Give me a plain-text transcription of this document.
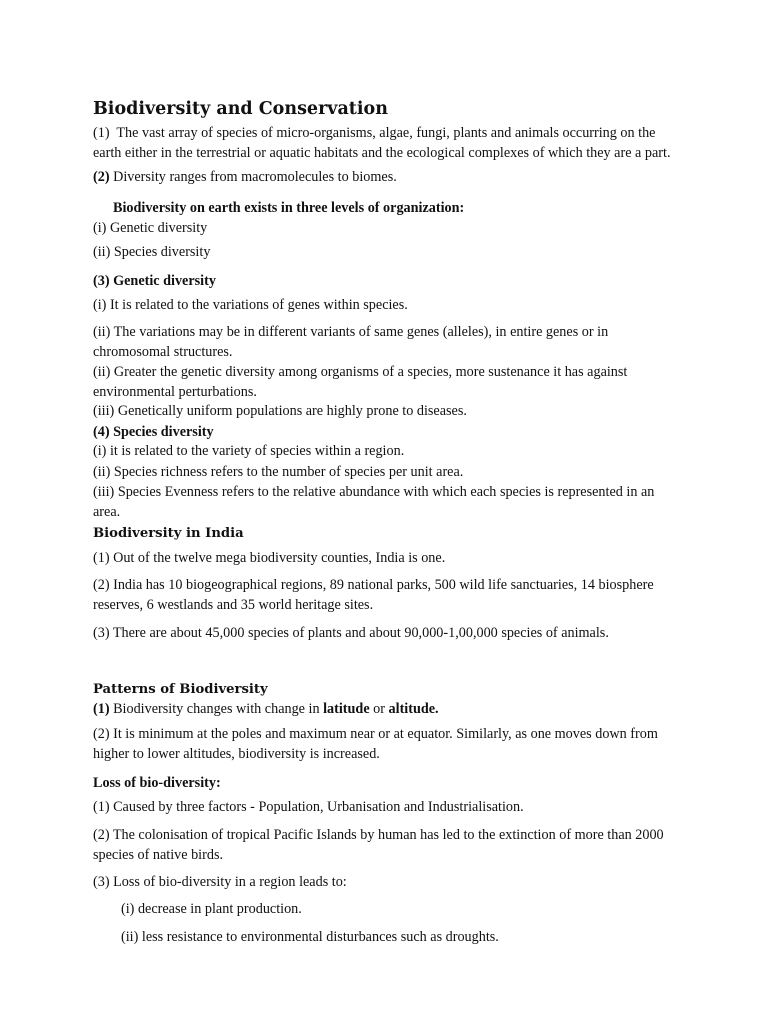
Biodiversity and Conservation
(1) The vast array of species of micro-organisms, algae, fungi, plants and animals occurring on the
earth either in the terrestrial or aquatic habitats and the ecological complexes of which they are a part.
(2) Diversity ranges from macromolecules to biomes.
Biodiversity on earth exists in three levels of organization:
(i) Genetic diversity
(ii) Species diversity
(3) Genetic diversity
(i) It is related to the variations of genes within species.
(ii) The variations may be in different variants of same genes (alleles), in entire genes or in
chromosomal structures.
(ii) Greater the genetic diversity among organisms of a species, more sustenance it has against
environmental perturbations.
(iii) Genetically uniform populations are highly prone to diseases.
(4) Species diversity
(i) it is related to the variety of species within a region.
(ii) Species richness refers to the number of species per unit area.
(iii) Species Evenness refers to the relative abundance with which each species is represented in an
area.
Biodiversity in India
(1) Out of the twelve mega biodiversity counties, India is one.
(2) India has 10 biogeographical regions, 89 national parks, 500 wild life sanctuaries, 14 biosphere
reserves, 6 westlands and 35 world heritage sites.
(3) There are about 45,000 species of plants and about 90,000-1,00,000 species of animals.
Patterns of Biodiversity
(1) Biodiversity changes with change in latitude or altitude.
(2) It is minimum at the poles and maximum near or at equator. Similarly, as one moves down from
higher to lower altitudes, biodiversity is increased.
Loss of bio-diversity:
(1) Caused by three factors - Population, Urbanisation and Industrialisation.
(2) The colonisation of tropical Pacific Islands by human has led to the extinction of more than 2000
species of native birds.
(3) Loss of bio-diversity in a region leads to:
(i) decrease in plant production.
(ii) less resistance to environmental disturbances such as droughts.
